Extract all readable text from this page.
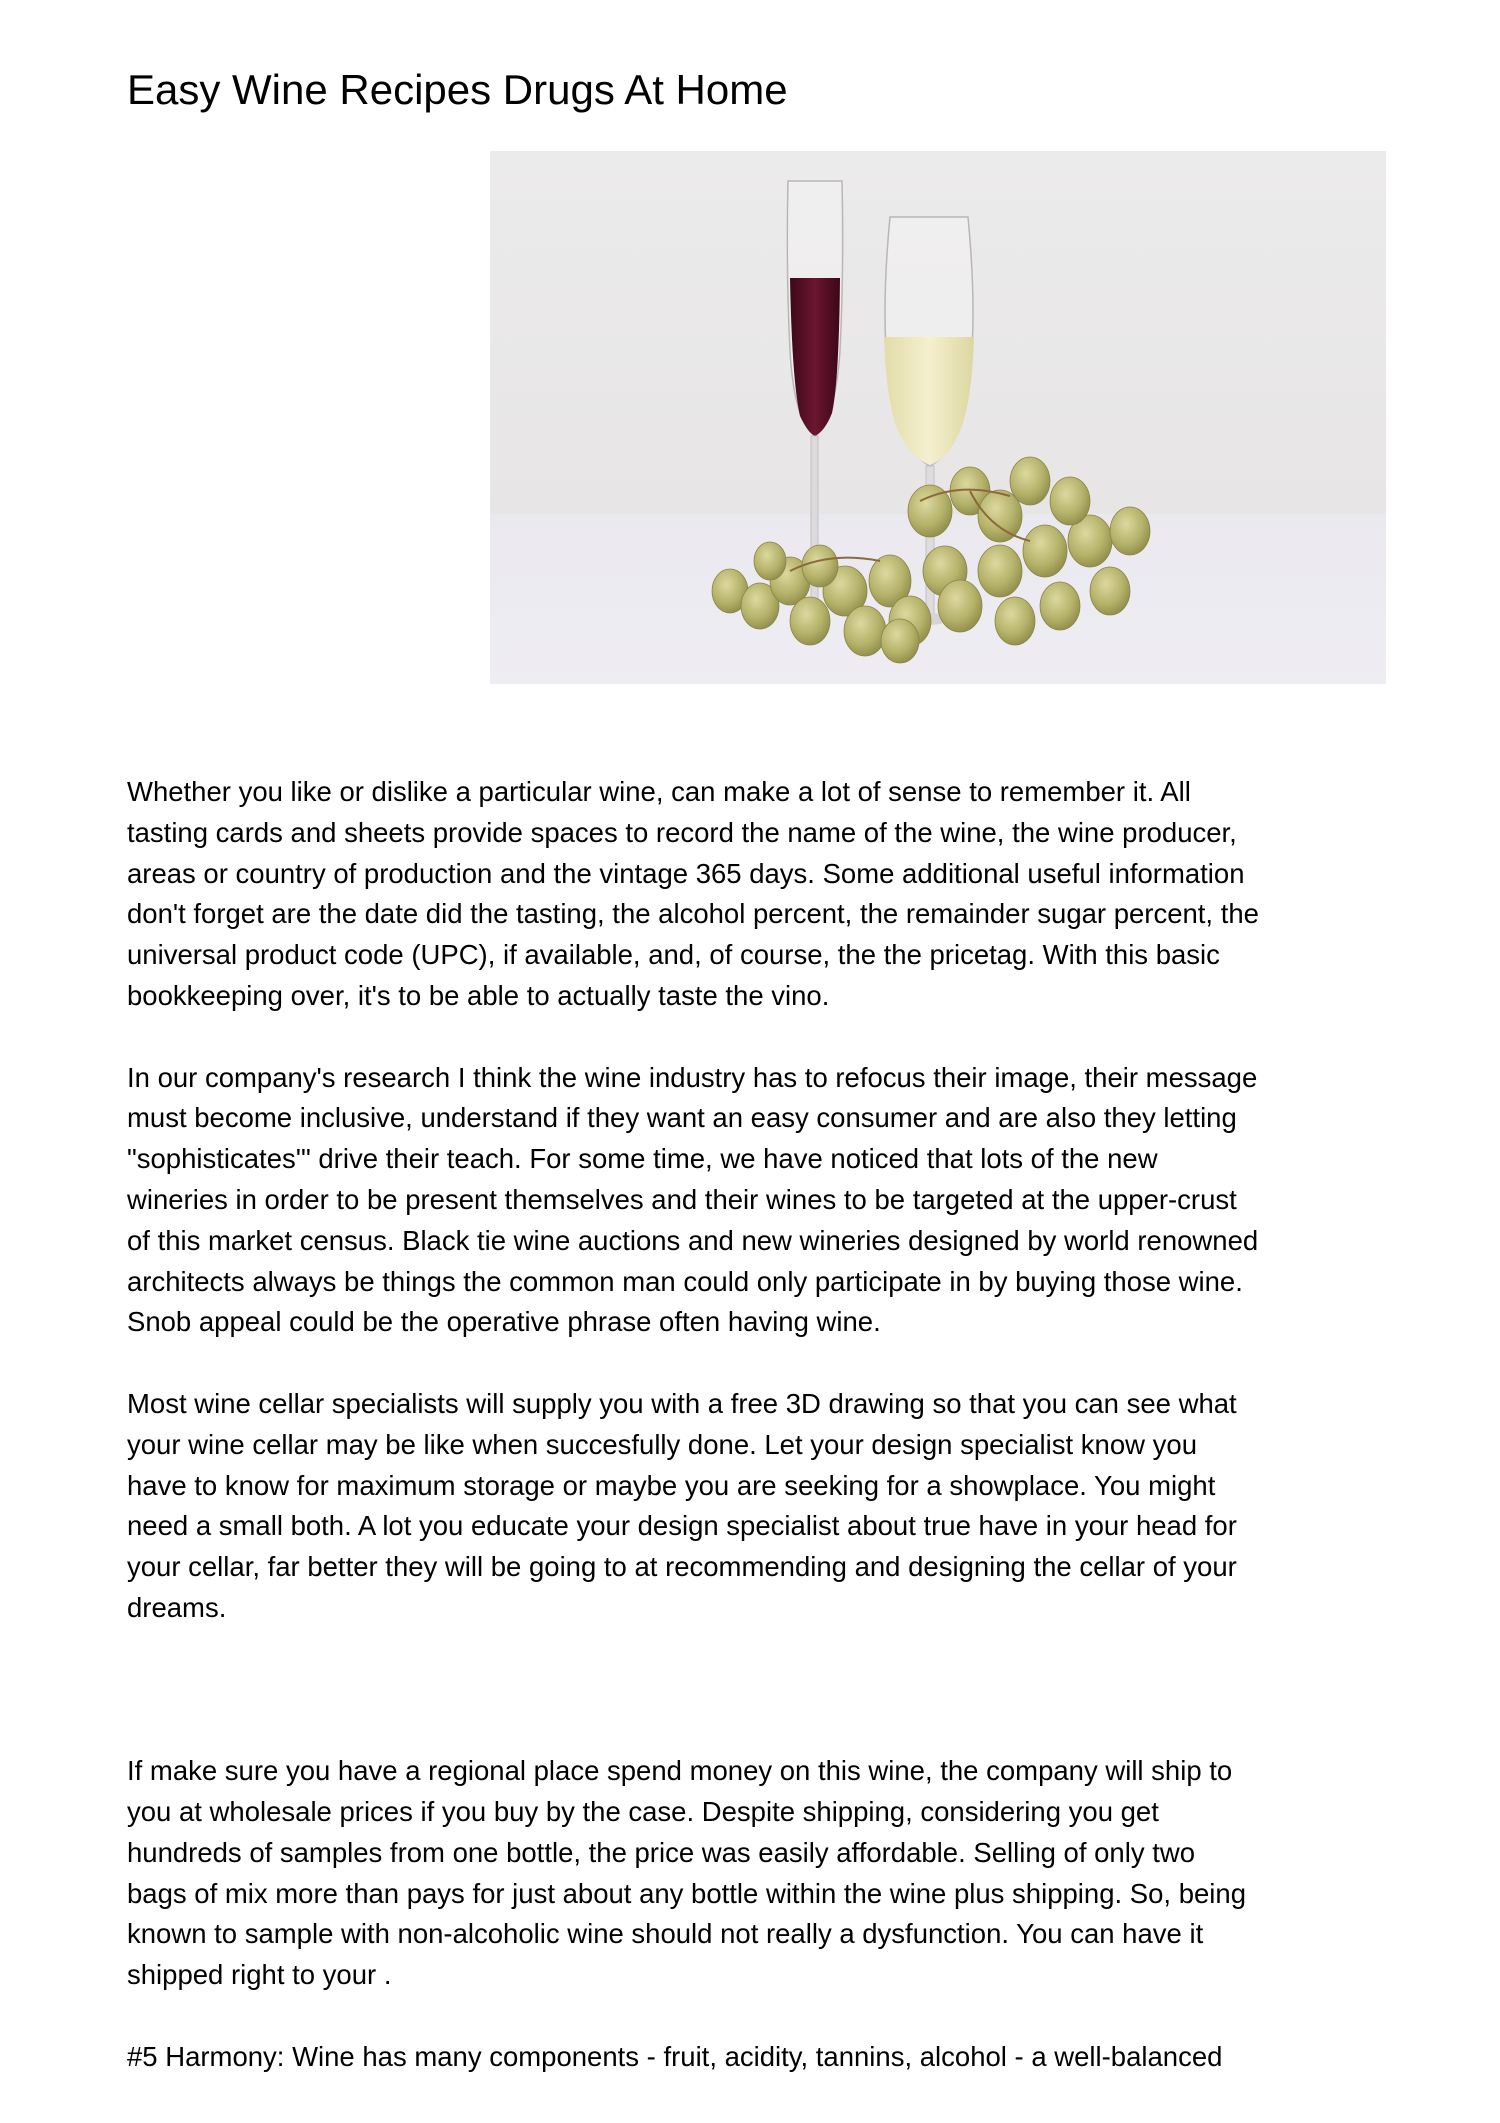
Easy Wine Recipes Drugs At Home

Whether you like or dislike a particular wine, can make a lot of sense to remember it. All
tasting cards and sheets provide spaces to record the name of the wine, the wine producer,
areas or country of production and the vintage 365 days. Some additional useful information
don't forget are the date did the tasting, the alcohol percent, the remainder sugar percent, the
universal product code (UPC), if available, and, of course, the the pricetag. With this basic
bookkeeping over, it's to be able to actually taste the vino.

In our company's research I think the wine industry has to refocus their image, their message
must become inclusive, understand if they want an easy consumer and are also they letting
"sophisticates'" drive their teach. For some time, we have noticed that lots of the new
wineries in order to be present themselves and their wines to be targeted at the upper-crust
of this market census. Black tie wine auctions and new wineries designed by world renowned
architects always be things the common man could only participate in by buying those wine.
Snob appeal could be the operative phrase often having wine.

Most wine cellar specialists will supply you with a free 3D drawing so that you can see what
your wine cellar may be like when succesfully done. Let your design specialist know you
have to know for maximum storage or maybe you are seeking for a showplace. You might
need a small both. A lot you educate your design specialist about true have in your head for
your cellar, far better they will be going to at recommending and designing the cellar of your
dreams.

If make sure you have a regional place spend money on this wine, the company will ship to
you at wholesale prices if you buy by the case. Despite shipping, considering you get
hundreds of samples from one bottle, the price was easily affordable. Selling of only two
bags of mix more than pays for just about any bottle within the wine plus shipping. So, being
known to sample with non-alcoholic wine should not really a dysfunction. You can have it
shipped right to your .

#5 Harmony: Wine has many components - fruit, acidity, tannins, alcohol - a well-balanced
